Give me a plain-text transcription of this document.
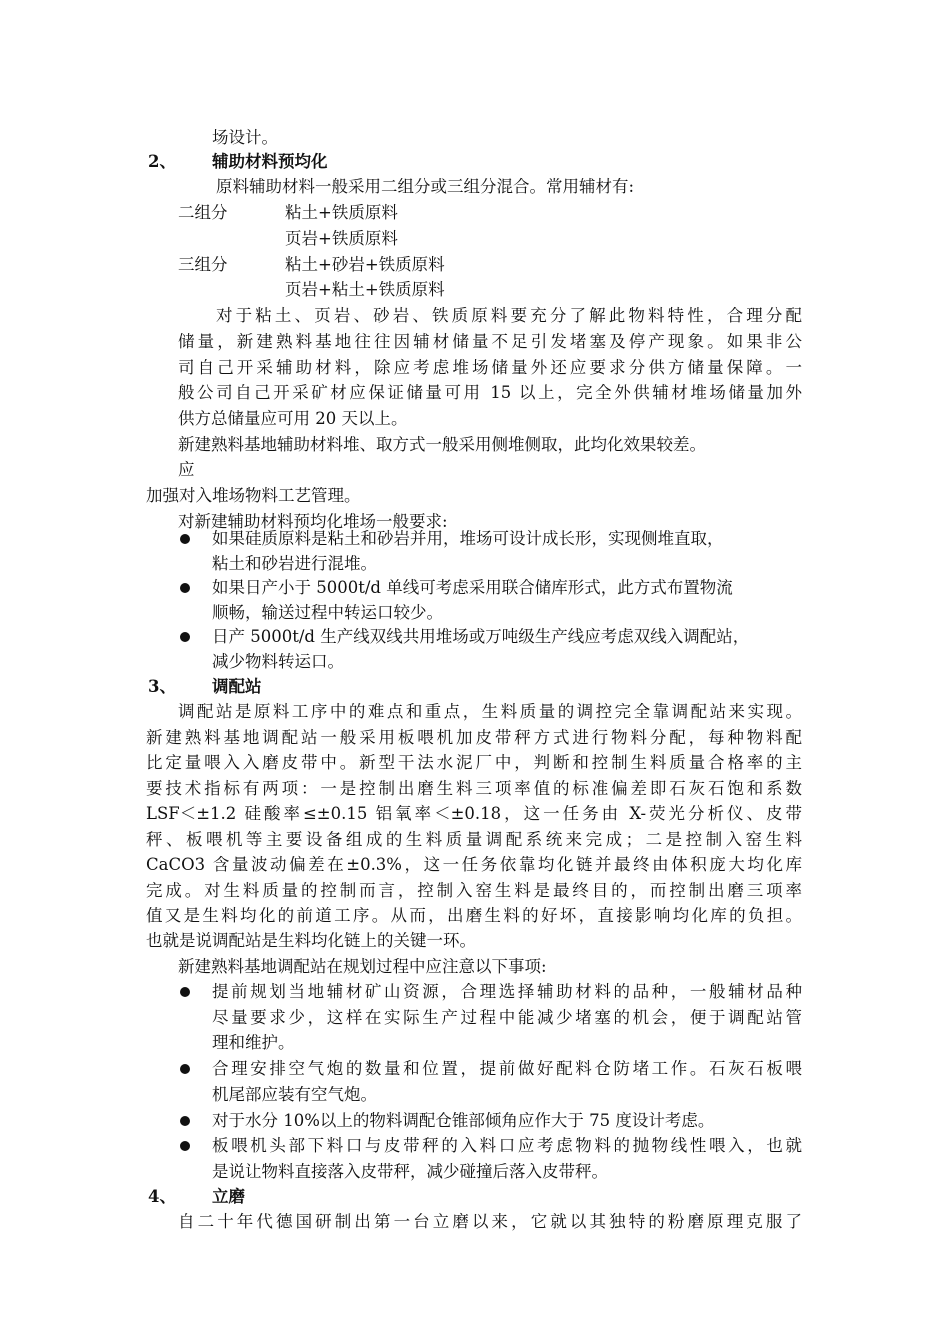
场设计。
2、 辅助材料预均化
原料辅助材料一般采用二组分或三组分混合。常用辅材有:
二组分	粘土+铁质原料
页岩+铁质原料
三组分	粘土+砂岩+铁质原料
页岩+粘土+铁质原料
对于粘土、页岩、砂岩、铁质原料要充分了解此物料特性，合理分配
储量，新建熟料基地往往因辅材储量不足引发堵塞及停产现象。如果非公
司自己开采辅助材料，除应考虑堆场储量外还应要求分供方储量保障。一
般公司自己开采矿材应保证储量可用 15 以上，完全外供辅材堆场储量加外
供方总储量应可用 20 天以上。
新建熟料基地辅助材料堆、取方式一般采用侧堆侧取，此均化效果较差。
应
加强对入堆场物料工艺管理。
对新建辅助材料预均化堆场一般要求:
如果硅质原料是粘土和砂岩并用，堆场可设计成长形，实现侧堆直取，
粘土和砂岩进行混堆。
如果日产小于 5000t/d 单线可考虑采用联合储库形式，此方式布置物流
顺畅，输送过程中转运口较少。
日产 5000t/d 生产线双线共用堆场或万吨级生产线应考虑双线入调配站，
减少物料转运口。
3、 调配站
调配站是原料工序中的难点和重点，生料质量的调控完全靠调配站来实现。
新建熟料基地调配站一般采用板喂机加皮带秤方式进行物料分配，每种物料配
比定量喂入入磨皮带中。新型干法水泥厂中，判断和控制生料质量合格率的主
要技术指标有两项：一是控制出磨生料三项率值的标准偏差即石灰石饱和系数
LSF＜±1.2 硅酸率≤±0.15 铝氧率＜±0.18，这一任务由 X-荧光分析仪、皮带
秤、板喂机等主要设备组成的生料质量调配系统来完成；二是控制入窑生料
CaCO3 含量波动偏差在±0.3%，这一任务依靠均化链并最终由体积庞大均化库
完成。对生料质量的控制而言，控制入窑生料是最终目的，而控制出磨三项率
值又是生料均化的前道工序。从而，出磨生料的好坏，直接影响均化库的负担。
也就是说调配站是生料均化链上的关键一环。
新建熟料基地调配站在规划过程中应注意以下事项:
提前规划当地辅材矿山资源，合理选择辅助材料的品种，一般辅材品种
尽量要求少，这样在实际生产过程中能减少堵塞的机会，便于调配站管
理和维护。
合理安排空气炮的数量和位置，提前做好配料仓防堵工作。石灰石板喂
机尾部应装有空气炮。
对于水分 10%以上的物料调配仓锥部倾角应作大于 75 度设计考虑。
板喂机头部下料口与皮带秤的入料口应考虑物料的抛物线性喂入，也就
是说让物料直接落入皮带秤，减少碰撞后落入皮带秤。
4、 立磨
自二十年代德国研制出第一台立磨以来，它就以其独特的粉磨原理克服了
